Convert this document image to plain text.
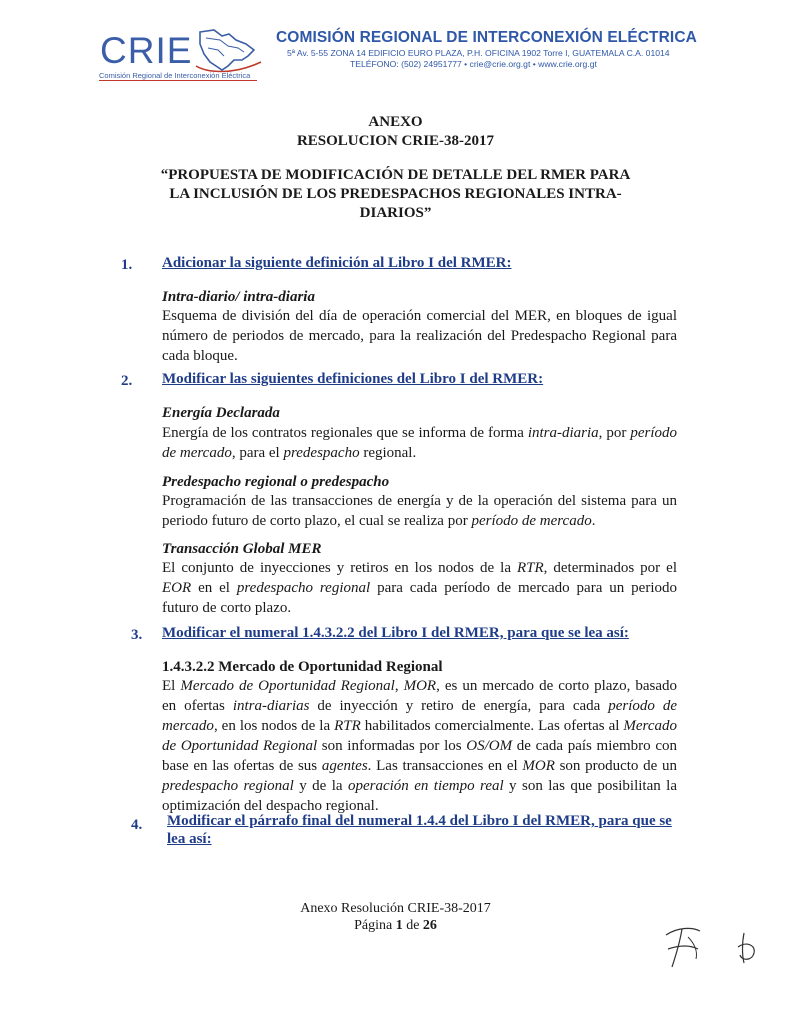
CRIE
Comisión Regional de Interconexión Eléctrica
COMISIÓN REGIONAL DE INTERCONEXIÓN ELÉCTRICA
5ª Av. 5-55 ZONA 14 EDIFICIO EURO PLAZA, P.H. OFICINA 1902 Torre I, GUATEMALA C.A. 01014
TELÉFONO: (502) 24951777 • crie@crie.org.gt • www.crie.org.gt
ANEXO
RESOLUCION CRIE-38-2017
“PROPUESTA DE MODIFICACIÓN DE DETALLE DEL RMER PARA
LA INCLUSIÓN DE LOS PREDESPACHOS REGIONALES INTRA-
DIARIOS”
1. Adicionar la siguiente definición al Libro I del RMER:
Intra-diario/ intra-diaria
Esquema de división del día de operación comercial del MER, en bloques de igual número de periodos de mercado, para la realización del Predespacho Regional para cada bloque.
2. Modificar las siguientes definiciones del Libro I del RMER:
Energía Declarada
Energía de los contratos regionales que se informa de forma intra-diaria, por período de mercado, para el predespacho regional.
Predespacho regional o predespacho
Programación de las transacciones de energía y de la operación del sistema para un periodo futuro de corto plazo, el cual se realiza por período de mercado.
Transacción Global MER
El conjunto de inyecciones y retiros en los nodos de la RTR, determinados por el EOR en el predespacho regional para cada período de mercado para un periodo futuro de corto plazo.
3. Modificar el numeral 1.4.3.2.2 del Libro I del RMER, para que se lea así:
1.4.3.2.2 Mercado de Oportunidad Regional
El Mercado de Oportunidad Regional, MOR, es un mercado de corto plazo, basado en ofertas intra-diarias de inyección y retiro de energía, para cada período de mercado, en los nodos de la RTR habilitados comercialmente. Las ofertas al Mercado de Oportunidad Regional son informadas por los OS/OM de cada país miembro con base en las ofertas de sus agentes. Las transacciones en el MOR son producto de un predespacho regional y de la operación en tiempo real y son las que posibilitan la optimización del despacho regional.
4. Modificar el párrafo final del numeral 1.4.4 del Libro I del RMER, para que se
lea así:
Anexo Resolución CRIE-38-2017
Página 1 de 26
